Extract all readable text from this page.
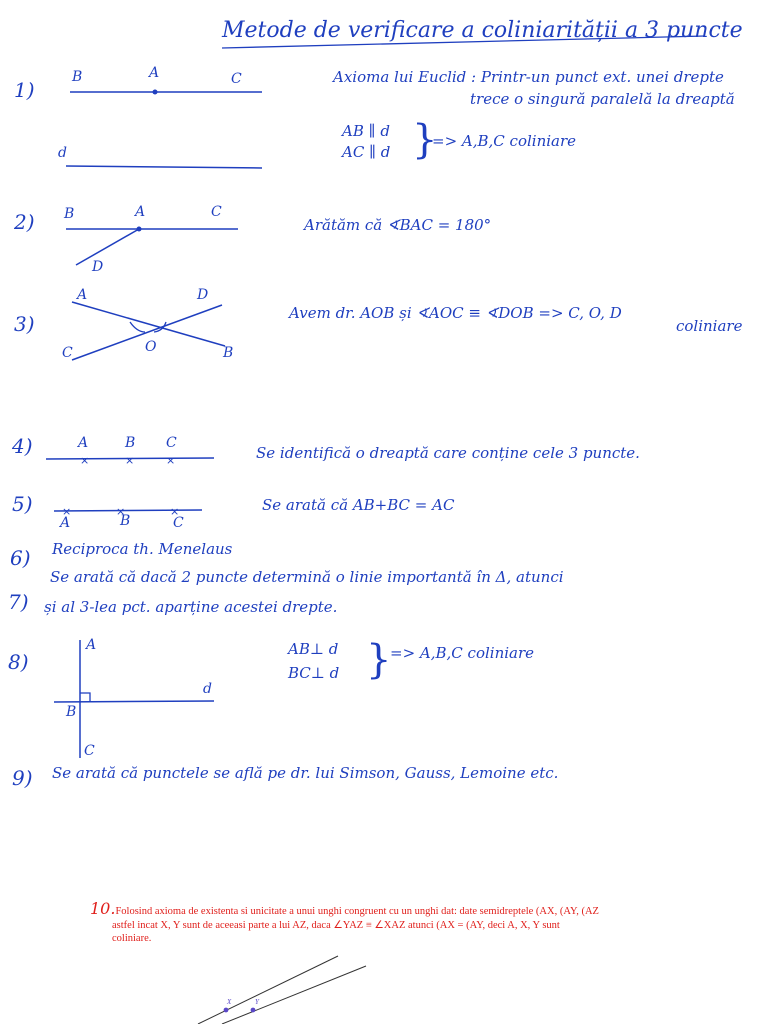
Metode de verificare a coliniarității a 3 puncte
1)
B	A	C
d
Axioma lui Euclid : Printr-un punct ext. unei drepte
trece o singură paralelă la dreaptă
AB ∥ d
AC ∥ d }
=> A,B,C coliniare
2) B	A	C
D
Arătăm că ∢BAC = 180°
3)
A	D
C	B
O
Avem dr. AOB și ∢AOC ≡ ∢DOB => C, O, D
coliniare
4)
×	×	×
A	B C
Se identifică o dreaptă care conține cele 3 puncte.
5)	×	×	×
A	B	C
Se arată că AB+BC = AC
6) Reciproca th. Menelaus
7)
Se arată că dacă 2 puncte determină o linie importantă în Δ, atunci
și al 3-lea pct. aparține acestei drepte.
8)
A
B
C
d
AB⊥ d
BC⊥ d }
=> A,B,C coliniare
9) Se arată că punctele se află pe dr. lui Simson, Gauss, Lemoine etc.
10.Folosind axioma de existenta si unicitate a unui unghi congruent cu un unghi dat: date semidreptele (AX, (AY, (AZ
astfel incat X, Y sunt de aceeasi parte a lui AZ, daca ∠YAZ ≡ ∠XAZ atunci (AX = (AY, deci A, X, Y sunt
coliniare.
X	Y
